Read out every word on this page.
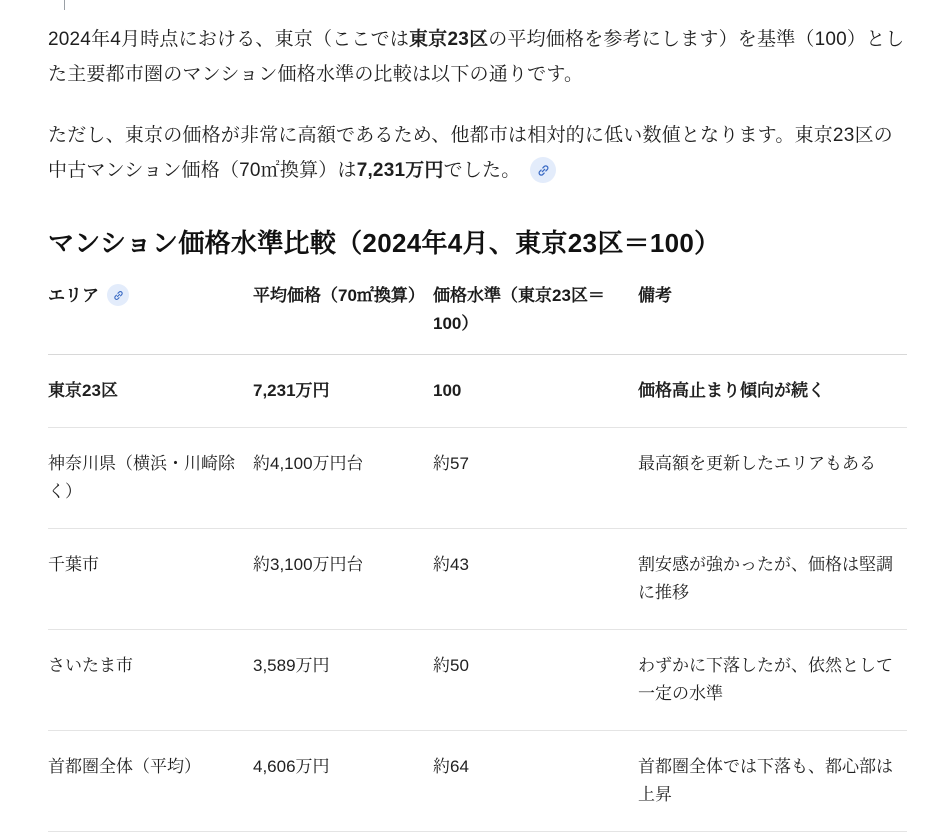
2024年4月時点における、東京（ここでは東京23区の平均価格を参考にします）を基準（100）とした主要都市圏のマンション価格水準の比較は以下の通りです。

ただし、東京の価格が非常に高額であるため、他都市は相対的に低い数値となります。東京23区の中古マンション価格（70㎡換算）は7,231万円でした。

マンション価格水準比較（2024年4月、東京23区＝100）
エリア	平均価格（70㎡換算）	価格水準（東京23区＝100）	備考
東京23区	7,231万円	100	価格高止まり傾向が続く
神奈川県（横浜・川崎除く）	約4,100万円台	約57	最高額を更新したエリアもある
千葉市	約3,100万円台	約43	割安感が強かったが、価格は堅調に推移
さいたま市	3,589万円	約50	わずかに下落したが、依然として一定の水準
首都圏全体（平均）	4,606万円	約64	首都圏全体では下落も、都心部は上昇
